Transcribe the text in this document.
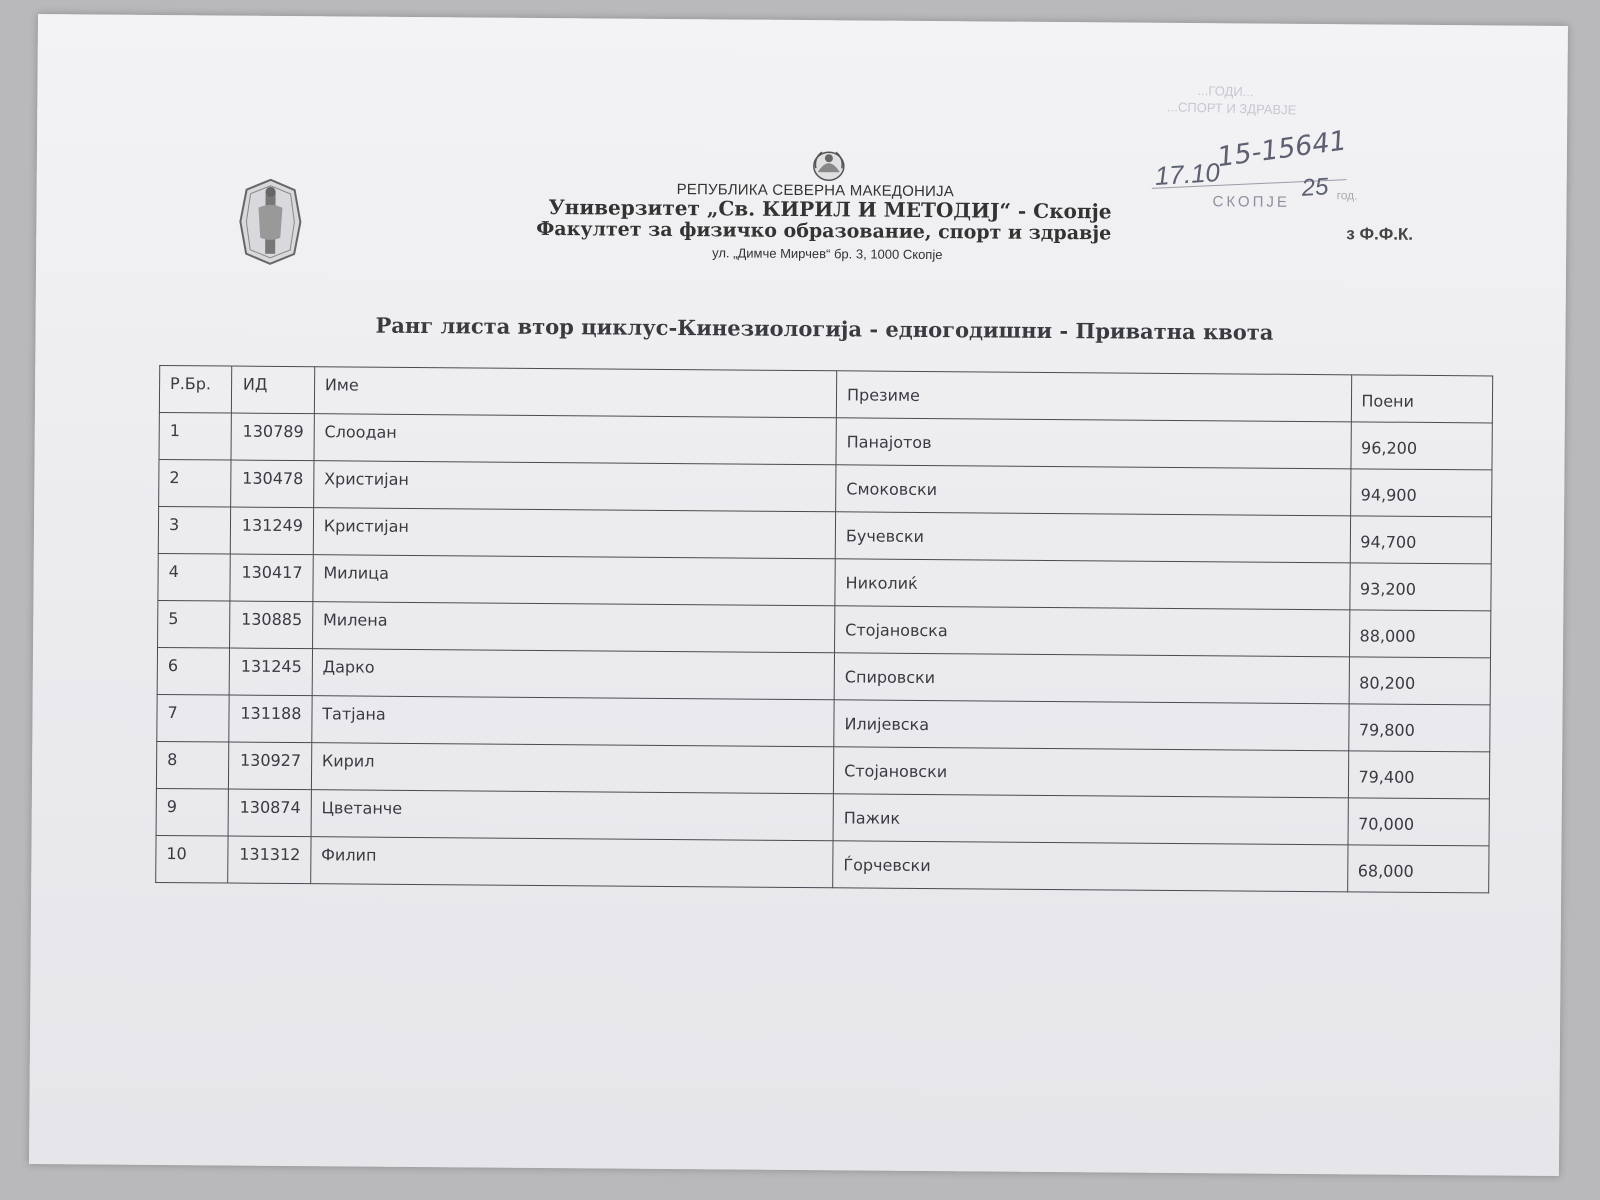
РЕПУБЛИКА СЕВЕРНА МАКЕДОНИЈА
Универзитет „Св. КИРИЛ И МЕТОДИЈ“ - Скопје
Факултет за физичко образование, спорт и здравје
ул. „Димче Мирчев“ бр. 3, 1000 Скопје
ɜ Ф.Ф.К.
...ГОДИ...
...СПОРТ И ЗДРАВЈЕ
15-15641
17.10	25 год.
СКОПЈЕ
Ранг листа втор циклус-Кинезиологија - едногодишни - Приватна квота
Р.Бр.	ИД	Име	Презиме	Поени

1	130789	Слоодан	Панајотов	96,200

2	130478	Христијан	Смоковски	94,900

3	131249	Кристијан	Бучевски	94,700

4	130417	Милица	Николиќ	93,200

5	130885	Милена	Стојановска	88,000

6	131245	Дарко	Спировски	80,200

7	131188	Татјана	Илијевска	79,800

8	130927	Кирил	Стојановски	79,400

9	130874	Цветанче	Пажик	70,000

10	131312	Филип	Ѓорчевски	68,000
